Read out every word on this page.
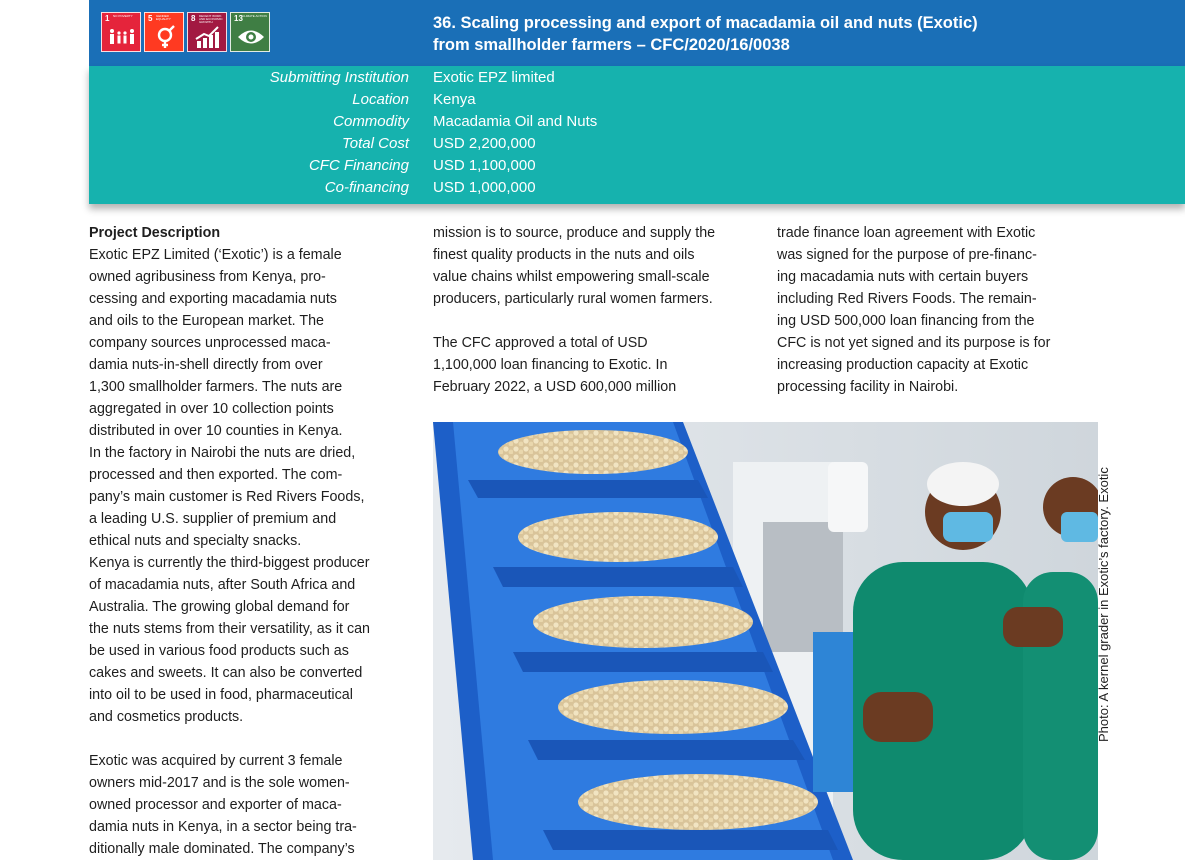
1 NO POVERTY	5 GENDER EQUALITY	8 DECENT WORK AND ECONOMIC GROWTH	13 CLIMATE ACTION	36. Scaling processing and export of macadamia oil and nuts (Exotic)
from smallholder farmers – CFC/2020/16/0038
Submitting Institution Exotic EPZ limited
Location Kenya
Commodity Macadamia Oil and Nuts
Total Cost USD 2,200,000
CFC Financing USD 1,100,000
Co-financing USD 1,000,000

Project Description

Exotic EPZ Limited (‘Exotic’) is a female

owned agribusiness from Kenya, pro-

cessing and exporting macadamia nuts

and oils to the European market. The

company sources unprocessed maca-

damia nuts-in-shell directly from over

1,300 smallholder farmers. The nuts are

aggregated in over 10 collection points

distributed in over 10 counties in Kenya.

In the factory in Nairobi the nuts are dried,

processed and then exported. The com-

pany’s main customer is Red Rivers Foods,

a leading U.S. supplier of premium and

ethical nuts and specialty snacks.

Kenya is currently the third-biggest producer

of macadamia nuts, after South Africa and

Australia. The growing global demand for

the nuts stems from their versatility, as it can

be used in various food products such as

cakes and sweets. It can also be converted

into oil to be used in food, pharmaceutical

and cosmetics products.

Exotic was acquired by current 3 female

owners mid-2017 and is the sole women-

owned processor and exporter of maca-

damia nuts in Kenya, in a sector being tra-

ditionally male dominated. The company’s

mission is to source, produce and supply the

finest quality products in the nuts and oils

value chains whilst empowering small-scale

producers, particularly rural women farmers.

The CFC approved a total of USD

1,100,000 loan financing to Exotic. In

February 2022, a USD 600,000 million

trade finance loan agreement with Exotic

was signed for the purpose of pre-financ-

ing macadamia nuts with certain buyers

including Red Rivers Foods. The remain-

ing USD 500,000 loan financing from the

CFC is not yet signed and its purpose is for

increasing production capacity at Exotic

processing facility in Nairobi.

Photo: A kernel grader in Exotic’s factory. Exotic
